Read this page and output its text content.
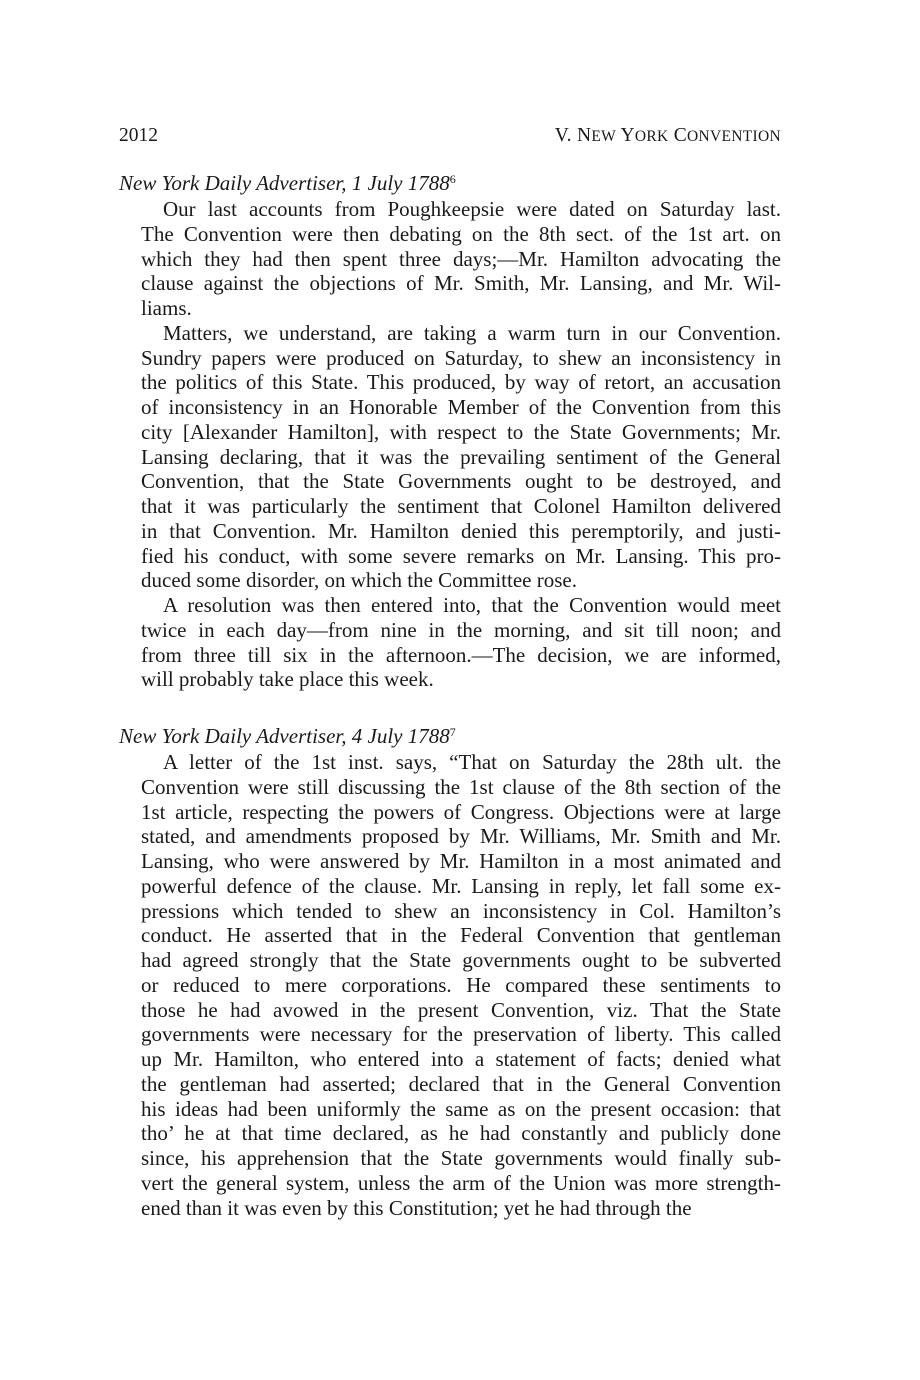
2012	V. NEW YORK CONVENTION

New York Daily Advertiser, 1 July 1788$^6$

Our last accounts from Poughkeepsie were dated on Saturday last.
The Convention were then debating on the 8th sect. of the 1st art. on
which they had then spent three days;—Mr. Hamilton advocating the
clause against the objections of Mr. Smith, Mr. Lansing, and Mr. Wil-
liams.
Matters, we understand, are taking a warm turn in our Convention.
Sundry papers were produced on Saturday, to shew an inconsistency in
the politics of this State. This produced, by way of retort, an accusation
of inconsistency in an Honorable Member of the Convention from this
city [Alexander Hamilton], with respect to the State Governments; Mr.
Lansing declaring, that it was the prevailing sentiment of the General
Convention, that the State Governments ought to be destroyed, and
that it was particularly the sentiment that Colonel Hamilton delivered
in that Convention. Mr. Hamilton denied this peremptorily, and justi-
fied his conduct, with some severe remarks on Mr. Lansing. This pro-
duced some disorder, on which the Committee rose.
A resolution was then entered into, that the Convention would meet
twice in each day—from nine in the morning, and sit till noon; and
from three till six in the afternoon.—The decision, we are informed,
will probably take place this week.

New York Daily Advertiser, 4 July 1788$^7$

A letter of the 1st inst. says, “That on Saturday the 28th ult. the
Convention were still discussing the 1st clause of the 8th section of the
1st article, respecting the powers of Congress. Objections were at large
stated, and amendments proposed by Mr. Williams, Mr. Smith and Mr.
Lansing, who were answered by Mr. Hamilton in a most animated and
powerful defence of the clause. Mr. Lansing in reply, let fall some ex-
pressions which tended to shew an inconsistency in Col. Hamilton’s
conduct. He asserted that in the Federal Convention that gentleman
had agreed strongly that the State governments ought to be subverted
or reduced to mere corporations. He compared these sentiments to
those he had avowed in the present Convention, viz. That the State
governments were necessary for the preservation of liberty. This called
up Mr. Hamilton, who entered into a statement of facts; denied what
the gentleman had asserted; declared that in the General Convention
his ideas had been uniformly the same as on the present occasion: that
tho’ he at that time declared, as he had constantly and publicly done
since, his apprehension that the State governments would finally sub-
vert the general system, unless the arm of the Union was more strength-
ened than it was even by this Constitution; yet he had through the
